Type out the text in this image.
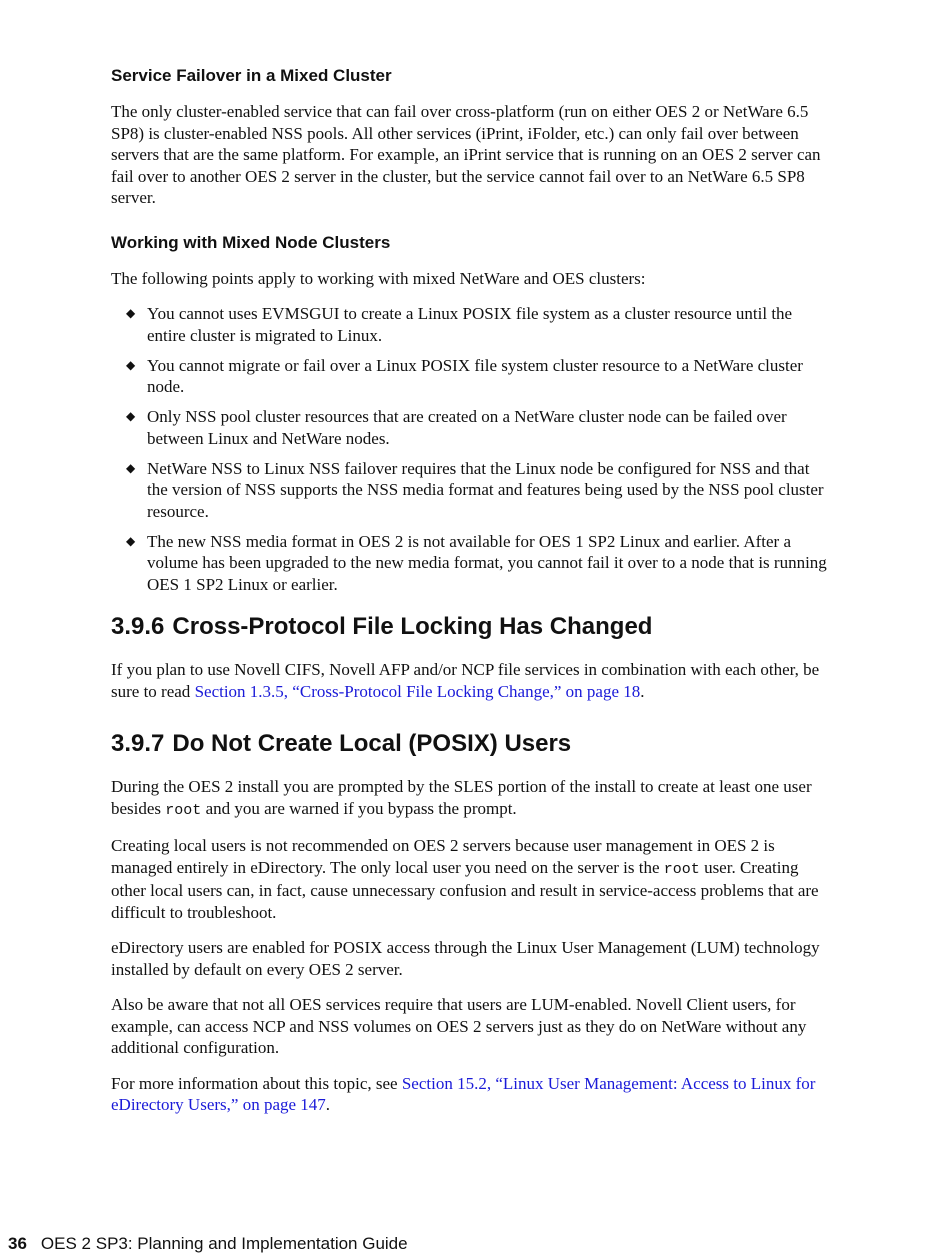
Service Failover in a Mixed Cluster

The only cluster-enabled service that can fail over cross-platform (run on either OES 2 or NetWare 6.5 SP8) is cluster-enabled NSS pools. All other services (iPrint, iFolder, etc.) can only fail over between servers that are the same platform. For example, an iPrint service that is running on an OES 2 server can fail over to another OES 2 server in the cluster, but the service cannot fail over to an NetWare 6.5 SP8 server.

Working with Mixed Node Clusters

The following points apply to working with mixed NetWare and OES clusters:

◆ You cannot uses EVMSGUI to create a Linux POSIX file system as a cluster resource until the entire cluster is migrated to Linux.
◆ You cannot migrate or fail over a Linux POSIX file system cluster resource to a NetWare cluster node.
◆ Only NSS pool cluster resources that are created on a NetWare cluster node can be failed over between Linux and NetWare nodes.
◆ NetWare NSS to Linux NSS failover requires that the Linux node be configured for NSS and that the version of NSS supports the NSS media format and features being used by the NSS pool cluster resource.
◆ The new NSS media format in OES 2 is not available for OES 1 SP2 Linux and earlier. After a volume has been upgraded to the new media format, you cannot fail it over to a node that is running OES 1 SP2 Linux or earlier.
3.9.6 Cross-Protocol File Locking Has Changed

If you plan to use Novell CIFS, Novell AFP and/or NCP file services in combination with each other, be sure to read Section 1.3.5, “Cross-Protocol File Locking Change,” on page 18.

3.9.7 Do Not Create Local (POSIX) Users

During the OES 2 install you are prompted by the SLES portion of the install to create at least one user besides root and you are warned if you bypass the prompt.

Creating local users is not recommended on OES 2 servers because user management in OES 2 is managed entirely in eDirectory. The only local user you need on the server is the root user. Creating other local users can, in fact, cause unnecessary confusion and result in service-access problems that are difficult to troubleshoot.

eDirectory users are enabled for POSIX access through the Linux User Management (LUM) technology installed by default on every OES 2 server.

Also be aware that not all OES services require that users are LUM-enabled. Novell Client users, for example, can access NCP and NSS volumes on OES 2 servers just as they do on NetWare without any additional configuration.

For more information about this topic, see Section 15.2, “Linux User Management: Access to Linux for eDirectory Users,” on page 147.

36 OES 2 SP3: Planning and Implementation Guide
